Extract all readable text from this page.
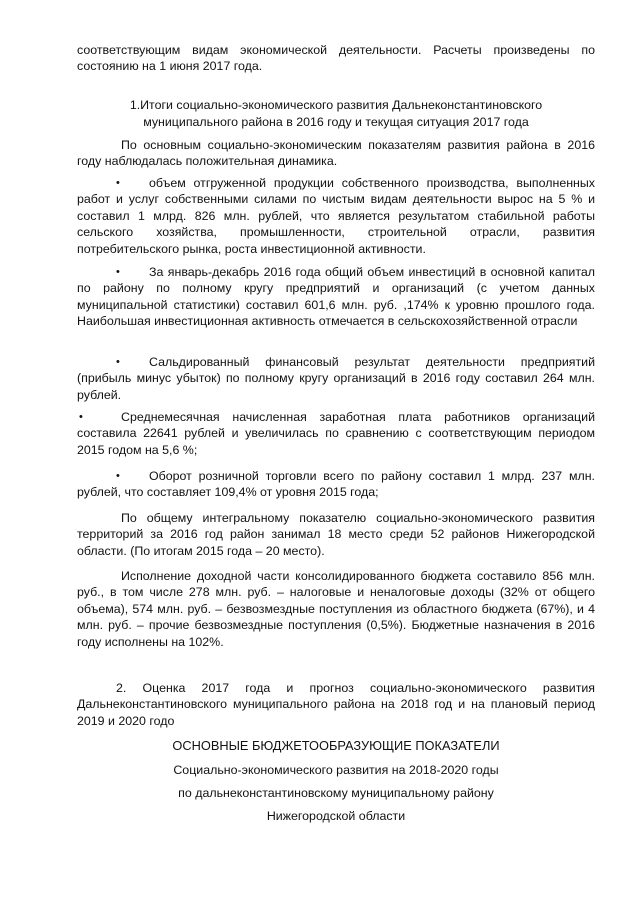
соответствующим видам экономической деятельности. Расчеты произведены по состоянию на 1 июня 2017 года.

1.Итоги социально-экономического развития Дальнеконстантиновского

муниципального района в 2016 году и текущая ситуация 2017 года

По основным социально-экономическим показателям развития района в 2016 году наблюдалась положительная динамика.

•	объем отгруженной продукции собственного производства, выполненных работ и услуг собственными силами по чистым видам деятельности вырос на 5 % и составил 1 млрд. 826 млн. рублей, что является результатом стабильной работы сельского хозяйства, промышленности, строительной отрасли, развития потребительского рынка, роста инвестиционной активности.

•	За январь-декабрь 2016 года общий объем инвестиций в основной капитал по району по полному кругу предприятий и организаций (с учетом данных муниципальной статистики) составил 601,6 млн. руб. ,174% к уровню прошлого года. Наибольшая инвестиционная активность отмечается в сельскохозяйственной отрасли

•	Сальдированный финансовый результат деятельности предприятий (прибыль минус убыток) по полному кругу организаций в 2016 году составил 264 млн. рублей.

•	Среднемесячная начисленная заработная плата работников организаций составила 22641 рублей и увеличилась по сравнению с соответствующим периодом 2015 годом на 5,6 %;

•	Оборот розничной торговли всего по району составил 1 млрд. 237 млн. рублей, что составляет 109,4% от уровня 2015 года;

По общему интегральному показателю социально-экономического развития территорий за 2016 год район занимал 18 место среди 52 районов Нижегородской области. (По итогам 2015 года – 20 место).

Исполнение доходной части консолидированного бюджета составило 856 млн. руб., в том числе 278 млн. руб. – налоговые и неналоговые доходы (32% от общего объема), 574 млн. руб. – безвозмездные поступления из областного бюджета (67%), и 4 млн. руб. – прочие безвозмездные поступления (0,5%). Бюджетные назначения в 2016 году исполнены на 102%.

2. Оценка 2017 года и прогноз социально-экономического развития Дальнеконстантиновского муниципального района на 2018 год и на плановый период 2019 и 2020 годо

ОСНОВНЫЕ БЮДЖЕТООБРАЗУЮЩИЕ ПОКАЗАТЕЛИ

Социально-экономического развития на 2018-2020 годы

по дальнеконстантиновскому муниципальному району

Нижегородской области
